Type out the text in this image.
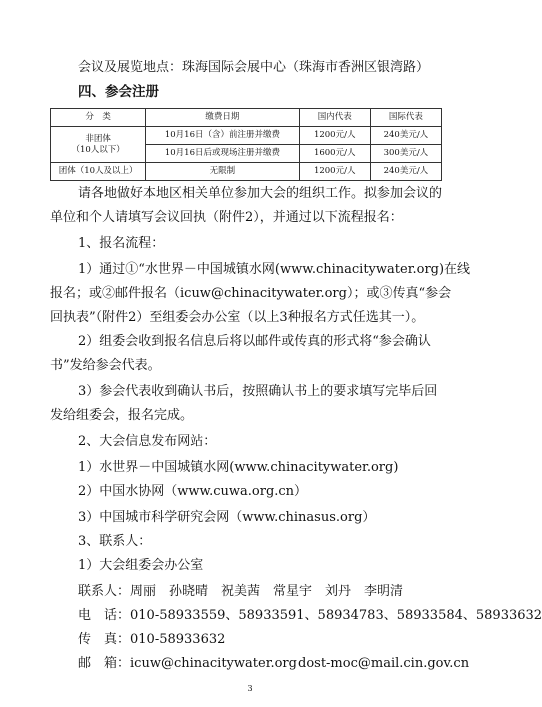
会议及展览地点：珠海国际会展中心（珠海市香洲区银湾路）
四、参会注册
分　类	缴费日期	国内代表	国际代表

非团体
（10人以下）	10月16日（含）前注册并缴费	1200元/人	240美元/人
	10月16日后或现场注册并缴费	1600元/人	300美元/人
团体（10人及以上）	无限制	1200元/人	240美元/人
请各地做好本地区相关单位参加大会的组织工作。拟参加会议的
单位和个人请填写会议回执（附件2），并通过以下流程报名：
1、报名流程：
1）通过①“水世界－中国城镇水网(www.chinacitywater.org)在线
报名；或②邮件报名（icuw@chinacitywater.org）；或③传真“参会
回执表”（附件2）至组委会办公室（以上3种报名方式任选其一）。
2）组委会收到报名信息后将以邮件或传真的形式将“参会确认
书”发给参会代表。
3）参会代表收到确认书后，按照确认书上的要求填写完毕后回
发给组委会，报名完成。
2、大会信息发布网站：
1）水世界－中国城镇水网(www.chinacitywater.org)
2）中国水协网（www.cuwa.org.cn）
3）中国城市科学研究会网（www.chinasus.org）
3、联系人：
1）大会组委会办公室
联系人：周丽　孙晓晴　祝美茜　常星宇　刘丹　李明清
电　话：010-58933559、58933591、58934783、58933584、58933632
传　真：010-58933632
邮　箱：icuw@chinacitywater.org dost-moc@mail.cin.gov.cn
3
